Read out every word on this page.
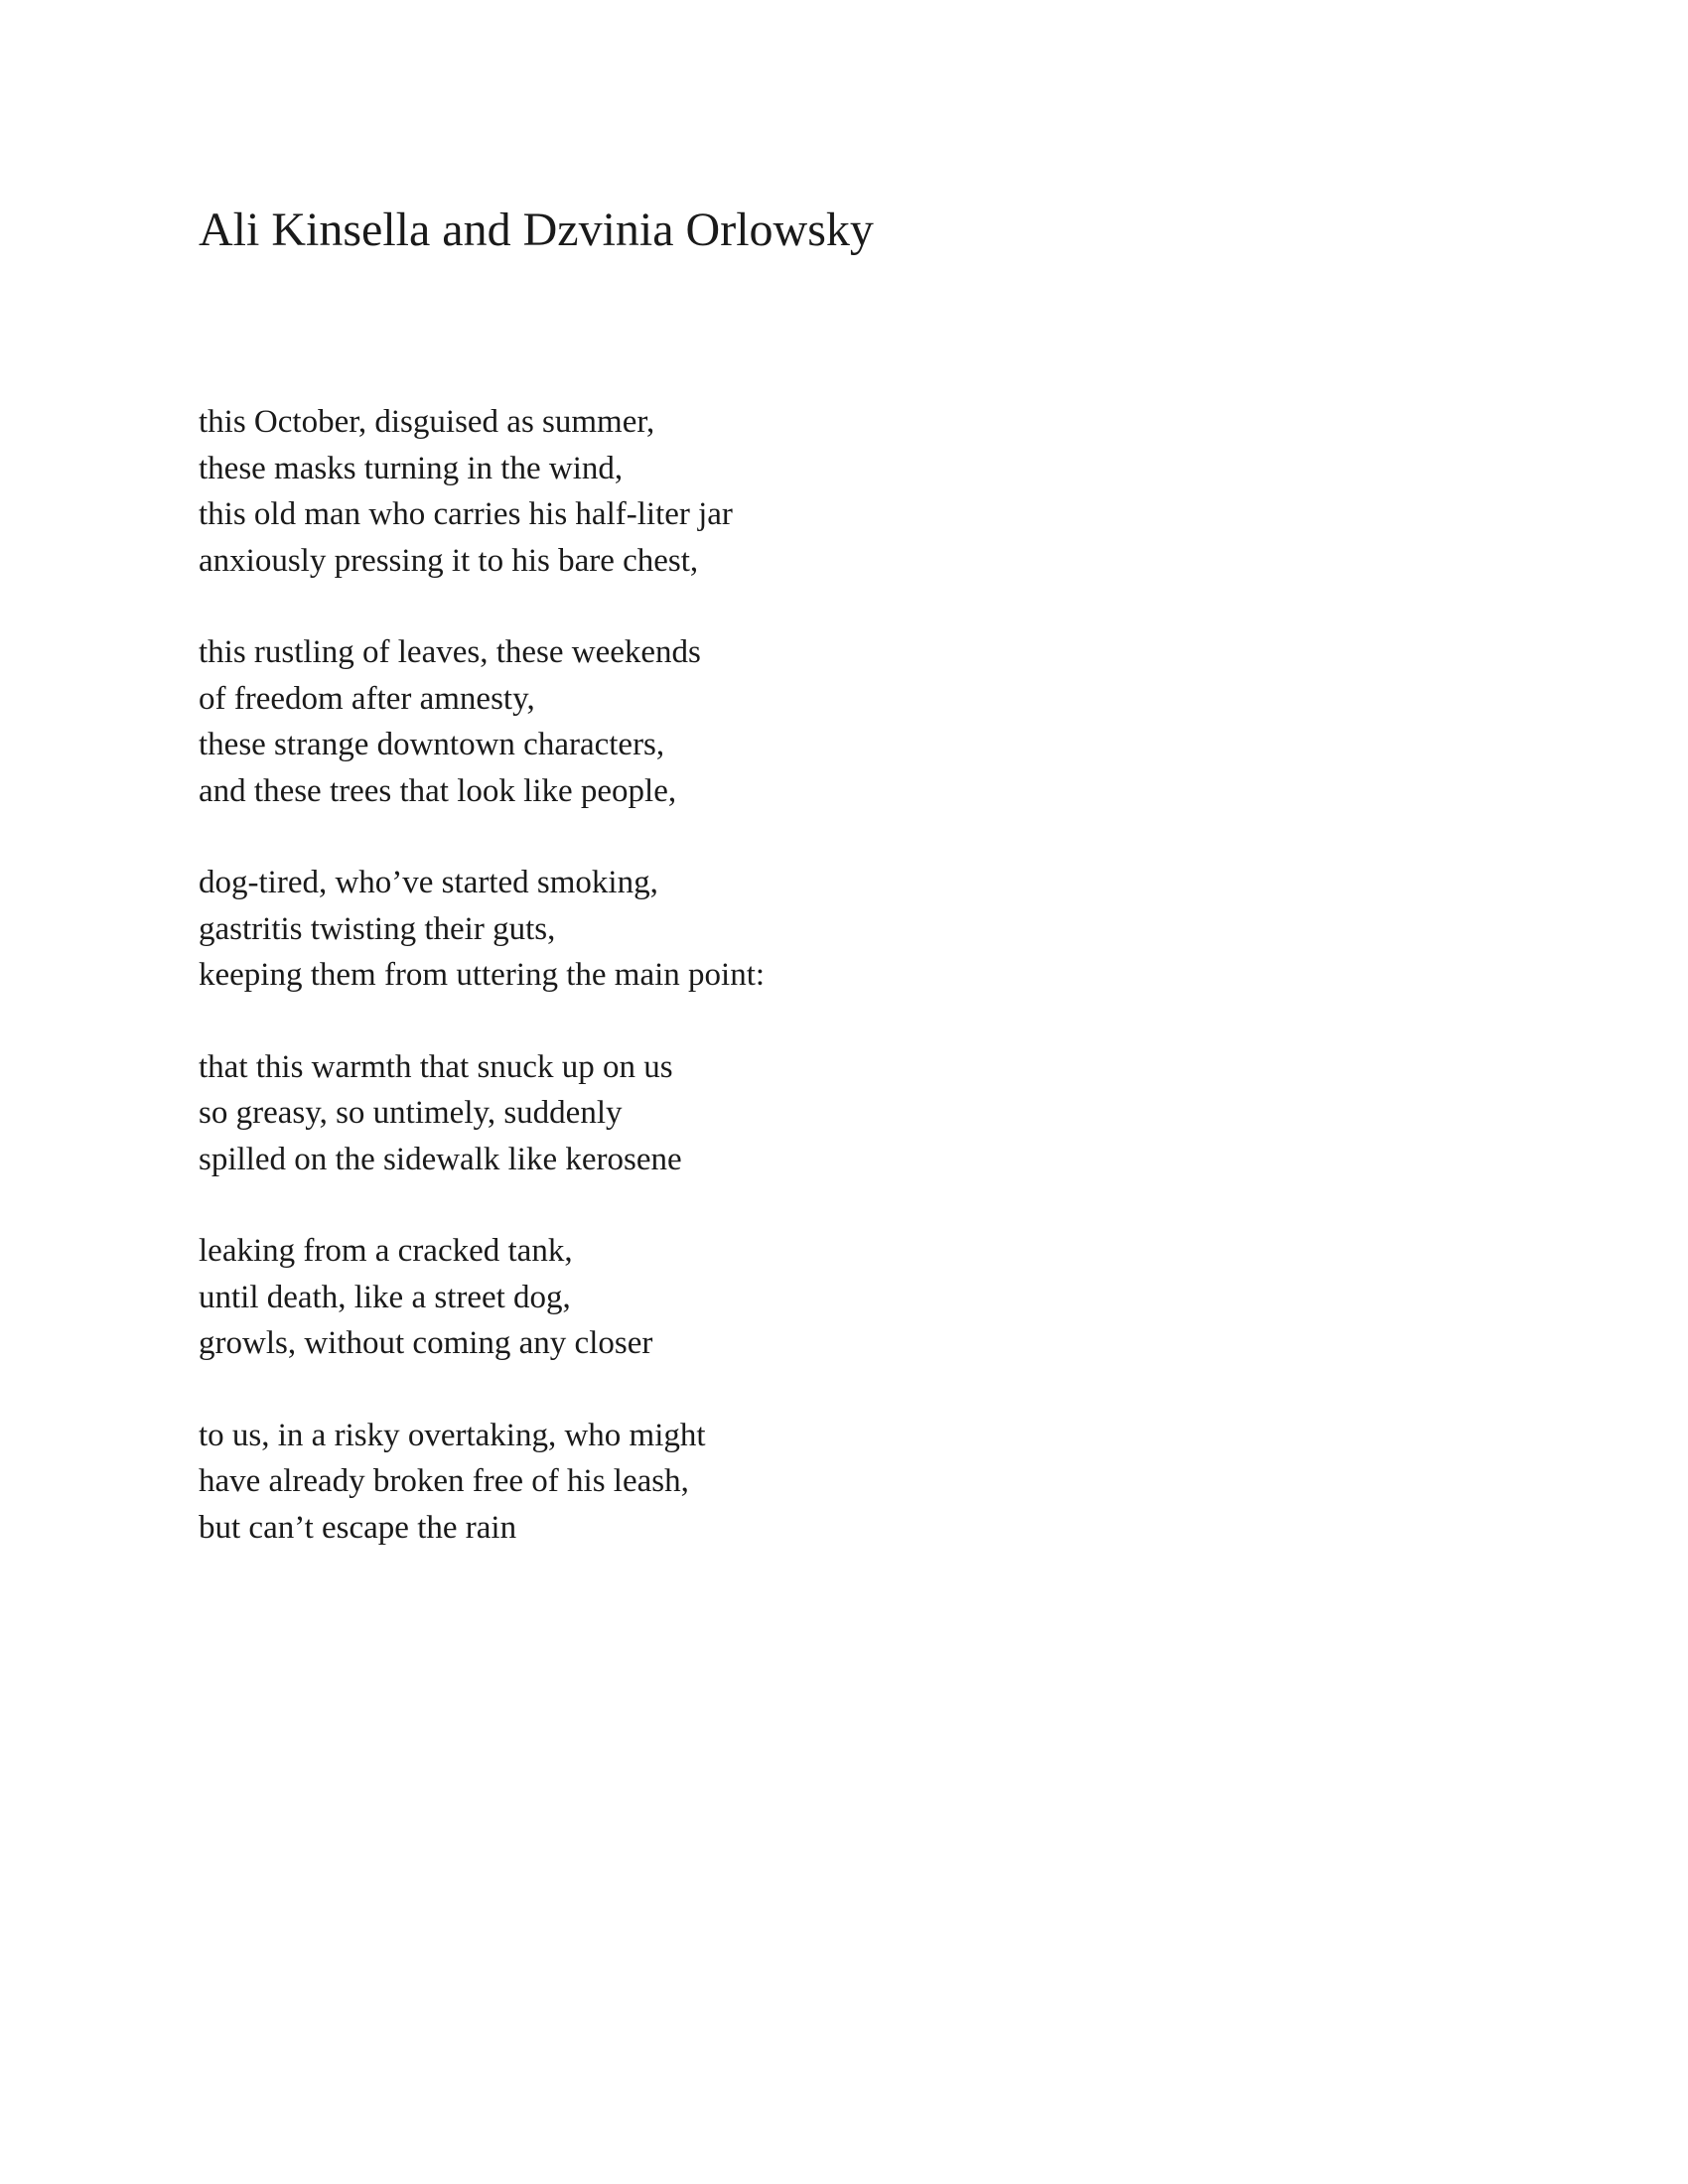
Ali Kinsella and Dzvinia Orlowsky
this October, disguised as summer,
these masks turning in the wind,
this old man who carries his half-liter jar
anxiously pressing it to his bare chest,
this rustling of leaves, these weekends
of freedom after amnesty,
these strange downtown characters,
and these trees that look like people,
dog-tired, who’ve started smoking,
gastritis twisting their guts,
keeping them from uttering the main point:
that this warmth that snuck up on us
so greasy, so untimely, suddenly
spilled on the sidewalk like kerosene
leaking from a cracked tank,
until death, like a street dog,
growls, without coming any closer
to us, in a risky overtaking, who might
have already broken free of his leash,
but can’t escape the rain
